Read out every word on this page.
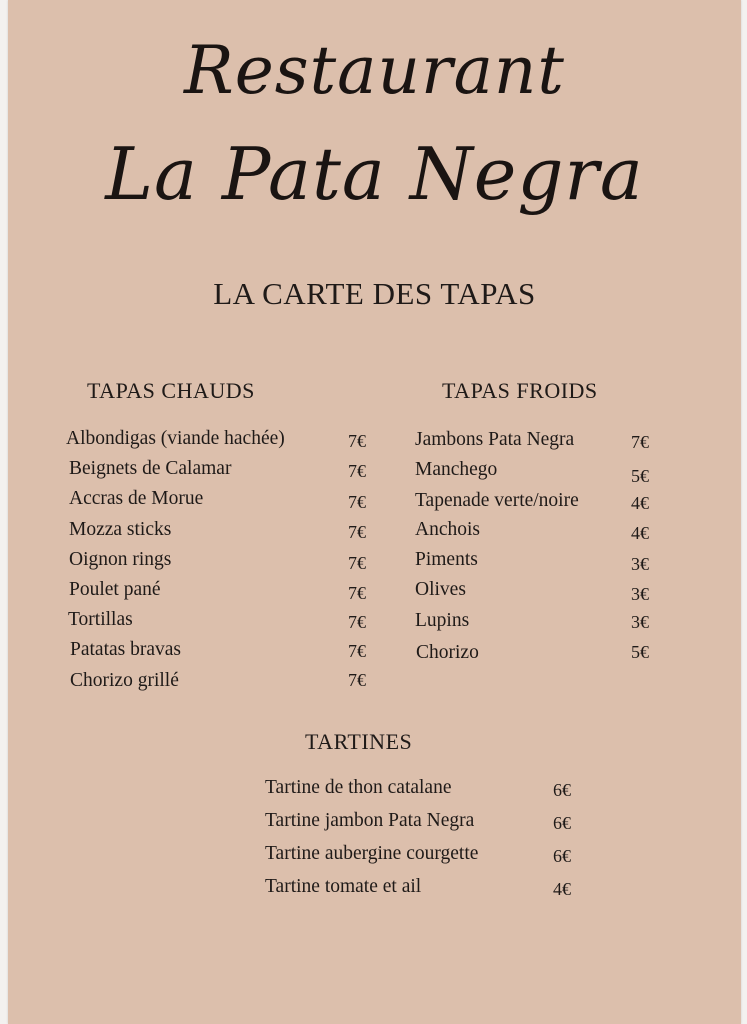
Restaurant
La Pata Negra
LA CARTE DES TAPAS
TAPAS CHAUDS
Albondigas (viande hachée)	7€
Beignets de Calamar	7€
Accras de Morue	7€
Mozza sticks	7€
Oignon rings	7€
Poulet pané	7€
Tortillas	7€
Patatas bravas	7€
Chorizo grillé	7€
TAPAS FROIDS
Jambons Pata Negra	7€
Manchego	5€
Tapenade verte/noire	4€
Anchois	4€
Piments	3€
Olives	3€
Lupins	3€
Chorizo	5€
TARTINES
Tartine de thon catalane	6€
Tartine jambon Pata Negra	6€
Tartine aubergine courgette	6€
Tartine tomate et ail	4€
